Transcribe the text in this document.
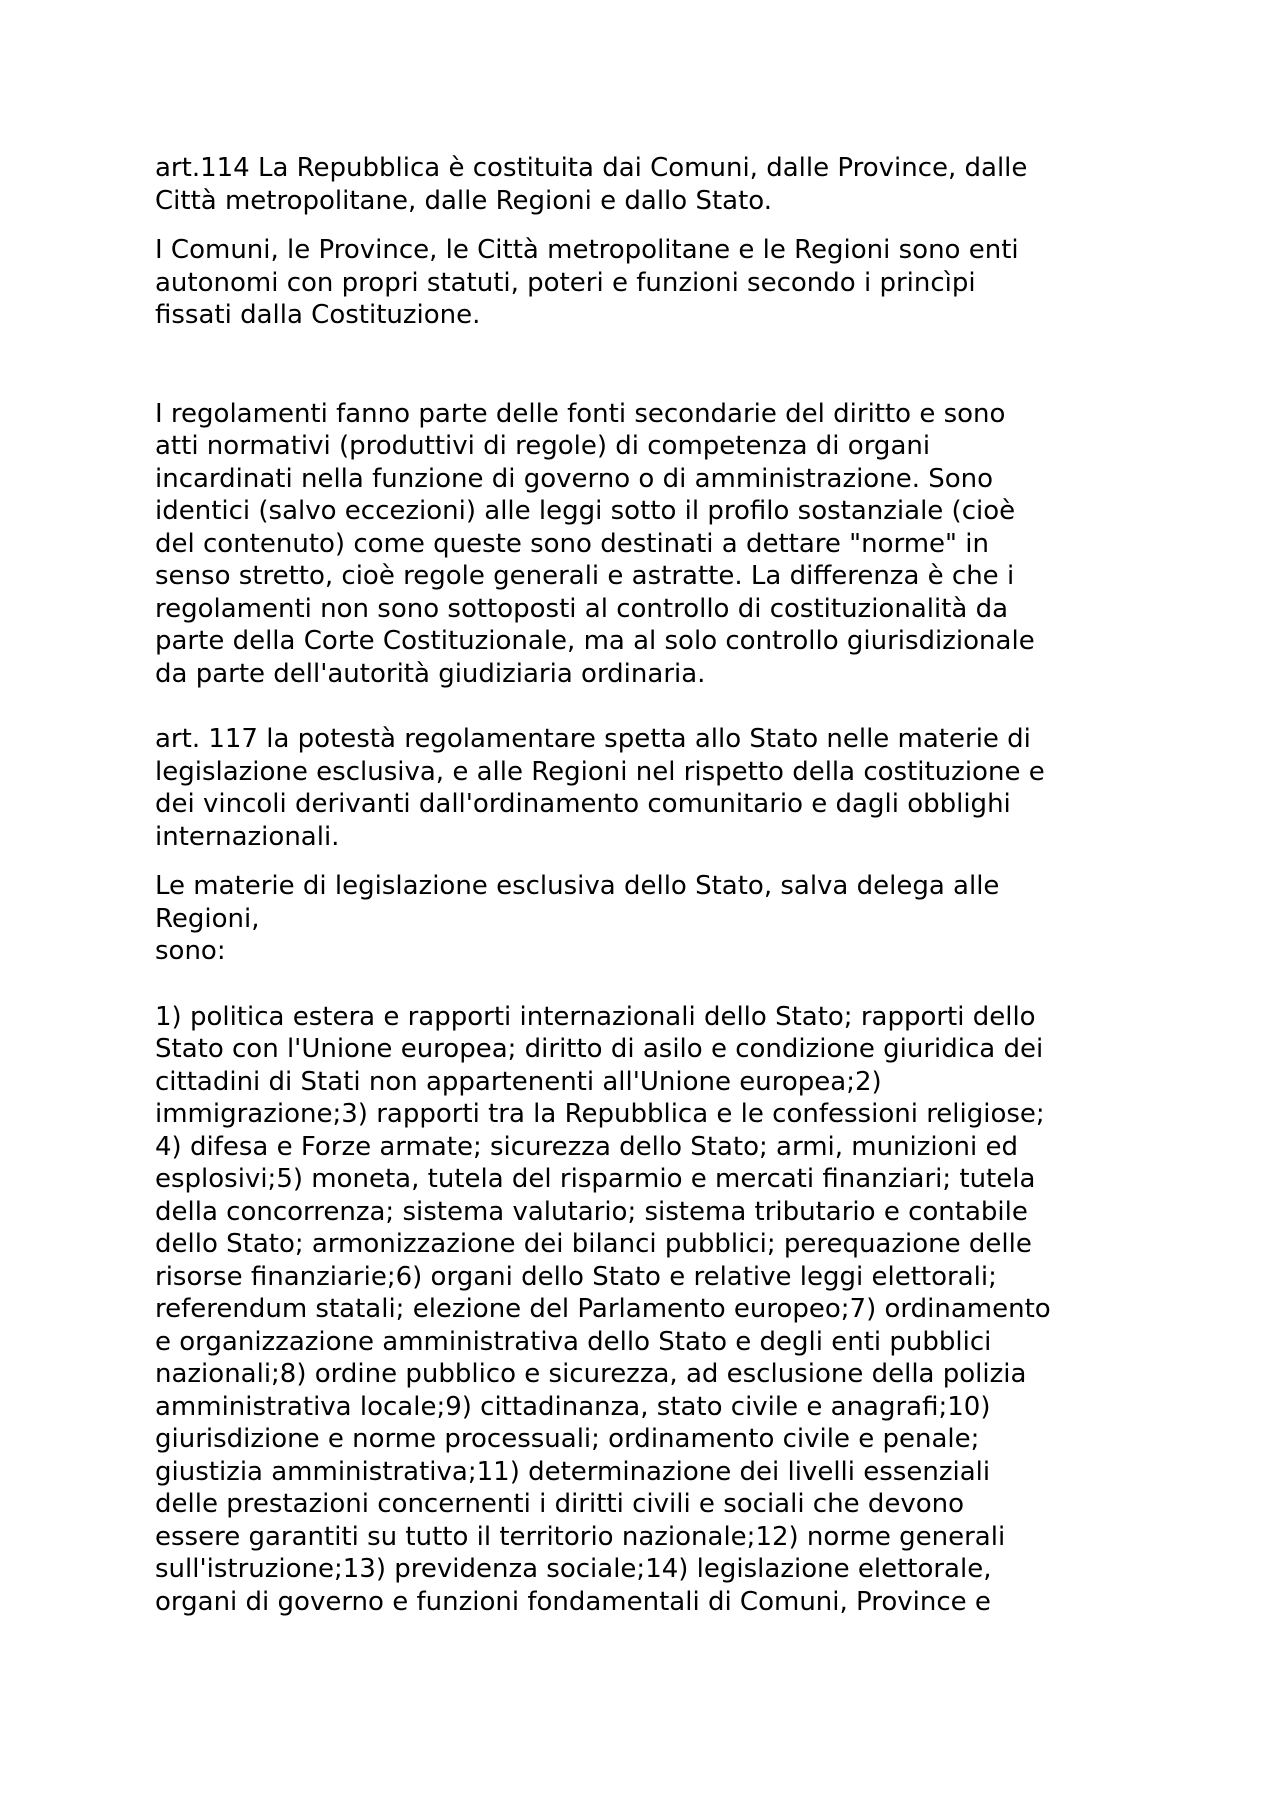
art.114 La Repubblica è costituita dai Comuni, dalle Province, dalle
Città metropolitane, dalle Regioni e dallo Stato.

I Comuni, le Province, le Città metropolitane e le Regioni sono enti
autonomi con propri statuti, poteri e funzioni secondo i princìpi
fissati dalla Costituzione.

I regolamenti fanno parte delle fonti secondarie del diritto e sono
atti normativi (produttivi di regole) di competenza di organi
incardinati nella funzione di governo o di amministrazione. Sono
identici (salvo eccezioni) alle leggi sotto il profilo sostanziale (cioè
del contenuto) come queste sono destinati a dettare "norme" in
senso stretto, cioè regole generali e astratte. La differenza è che i
regolamenti non sono sottoposti al controllo di costituzionalità da
parte della Corte Costituzionale, ma al solo controllo giurisdizionale
da parte dell'autorità giudiziaria ordinaria.

art. 117 la potestà regolamentare spetta allo Stato nelle materie di
legislazione esclusiva, e alle Regioni nel rispetto della costituzione e
dei vincoli derivanti dall'ordinamento comunitario e dagli obblighi
internazionali.

Le materie di legislazione esclusiva dello Stato, salva delega alle
Regioni,
sono:

1) politica estera e rapporti internazionali dello Stato; rapporti dello
Stato con l'Unione europea; diritto di asilo e condizione giuridica dei
cittadini di Stati non appartenenti all'Unione europea;2)
immigrazione;3) rapporti tra la Repubblica e le confessioni religiose;
4) difesa e Forze armate; sicurezza dello Stato; armi, munizioni ed
esplosivi;5) moneta, tutela del risparmio e mercati finanziari; tutela
della concorrenza; sistema valutario; sistema tributario e contabile
dello Stato; armonizzazione dei bilanci pubblici; perequazione delle
risorse finanziarie;6) organi dello Stato e relative leggi elettorali;
referendum statali; elezione del Parlamento europeo;7) ordinamento
e organizzazione amministrativa dello Stato e degli enti pubblici
nazionali;8) ordine pubblico e sicurezza, ad esclusione della polizia
amministrativa locale;9) cittadinanza, stato civile e anagrafi;10)
giurisdizione e norme processuali; ordinamento civile e penale;
giustizia amministrativa;11) determinazione dei livelli essenziali
delle prestazioni concernenti i diritti civili e sociali che devono
essere garantiti su tutto il territorio nazionale;12) norme generali
sull'istruzione;13) previdenza sociale;14) legislazione elettorale,
organi di governo e funzioni fondamentali di Comuni, Province e
